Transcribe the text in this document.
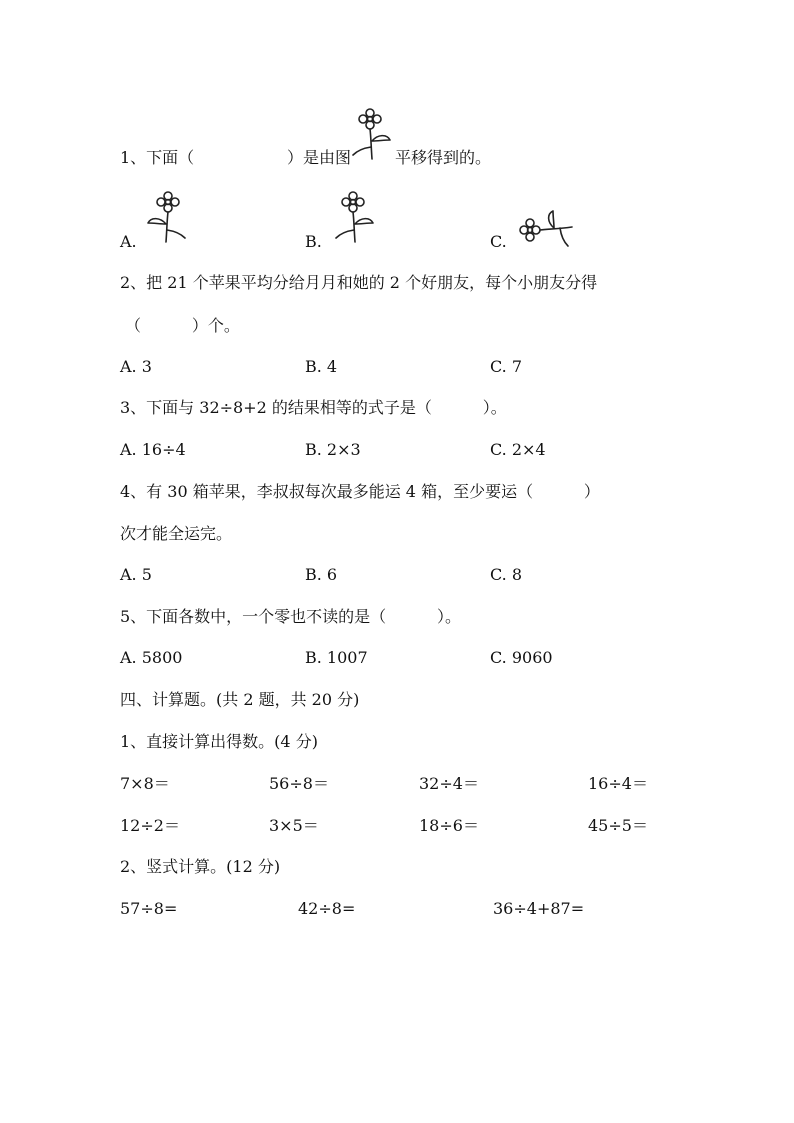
1、下面（	）是由图	平移得到的。
A.	B.	C.
2、把 21 个苹果平均分给月月和她的 2 个好朋友，每个小朋友分得
（          ）个。
A. 3	B. 4	C. 7
3、下面与 32÷8+2 的结果相等的式子是（          ）。
A. 16÷4	B. 2×3	C. 2×4
4、有 30 箱苹果，李叔叔每次最多能运 4 箱，至少要运（          ）
次才能全运完。
A. 5	B. 6	C. 8
5、下面各数中，一个零也不读的是（          ）。
A. 5800	B. 1007	C. 9060
四、计算题。(共 2 题，共 20 分)
1、直接计算出得数。(4 分)
7×8＝	56÷8＝	32÷4＝	16÷4＝
12÷2＝	3×5＝	18÷6＝	45÷5＝
2、竖式计算。(12 分)
57÷8=	42÷8=	36÷4+87=
